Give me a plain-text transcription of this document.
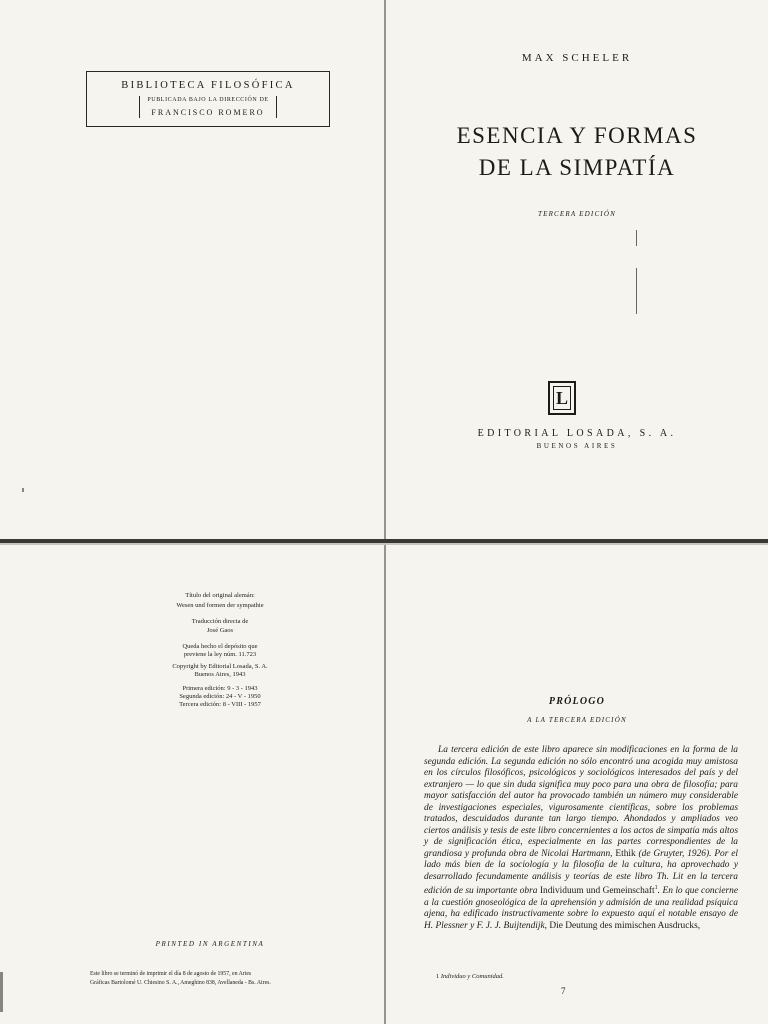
BIBLIOTECA FILOSÓFICA
PUBLICADA BAJO LA DIRECCIÓN DE
FRANCISCO ROMERO
MAX SCHELER
ESENCIA Y FORMAS
DE LA SIMPATÍA
TERCERA EDICIÓN
L
EDITORIAL LOSADA, S. A.
BUENOS AIRES
Título del original alemán:
Wesen und formen der sympathie
Traducción directa de
José Gaos
Queda hecho el depósito que
previene la ley núm. 11.723
Copyright by Editorial Losada, S. A.
Buenos Aires, 1943
Primera edición: 9 - 3 - 1943
Segunda edición: 24 - V - 1950
Tercera edición: 8 - VIII - 1957
PRINTED IN ARGENTINA
Este libro se terminó de imprimir el día 8 de agosto de 1957, en Artes
Gráficas Bartolomé U. Chiesino S. A., Ameghino 838, Avellaneda - Bs. Aires.
PRÓLOGO
A LA TERCERA EDICIÓN

La tercera edición de este libro aparece sin modificaciones en la forma de la segunda edición. La segunda edición no sólo encontró una acogida muy amistosa en los círculos filosóficos, psicológicos y sociológicos interesados del país y del extranjero — lo que sin duda significa muy poco para una obra de filosofía; para mayor satisfacción del autor ha provocado también un número muy considerable de investigaciones especiales, vigurosamente científicas, sobre los problemas tratados, descuidados durante tan largo tiempo. Ahondados y ampliados veo ciertos análisis y tesis de este libro concernientes a los actos de simpatía más altos y de significación ética, especialmente en las partes correspondientes de la grandiosa y profunda obra de Nicolai Hartmann, Ethik (de Gruyter, 1926). Por el lado más bien de la sociología y la filosofía de la cultura, ha aprovechado y desarrollado fecundamente análisis y teorías de este libro Th. Lit en la tercera edición de su importante obra Individuum und Gemeinschaft$^1$. En lo que concierne a la cuestión gnoseológica de la aprehensión y admisión de una realidad psíquica ajena, ha edificado instructivamente sobre lo expuesto aquí el notable ensayo de H. Plessner y F. J. J. Buijtendijk, Die Deutung des mimischen Ausdrucks,

1 Individuo y Comunidad.
7
